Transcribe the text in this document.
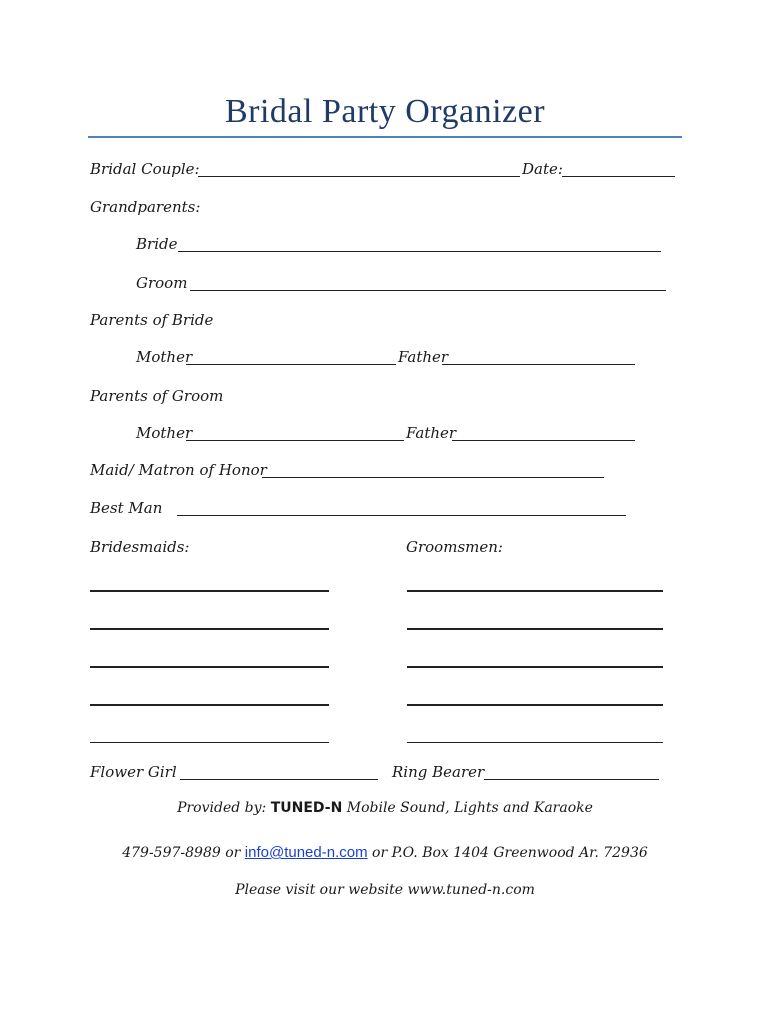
Bridal Party Organizer
Bridal Couple:	Date:
Grandparents:
Bride
Groom
Parents of Bride
Mother	Father
Parents of Groom
Mother	Father
Maid/ Matron of Honor
Best Man
Bridesmaids:	Groomsmen:
Flower Girl	Ring Bearer
Provided by: TUNED-N Mobile Sound, Lights and Karaoke
479-597-8989 or info@tuned-n.com or P.O. Box 1404 Greenwood Ar. 72936
Please visit our website www.tuned-n.com
